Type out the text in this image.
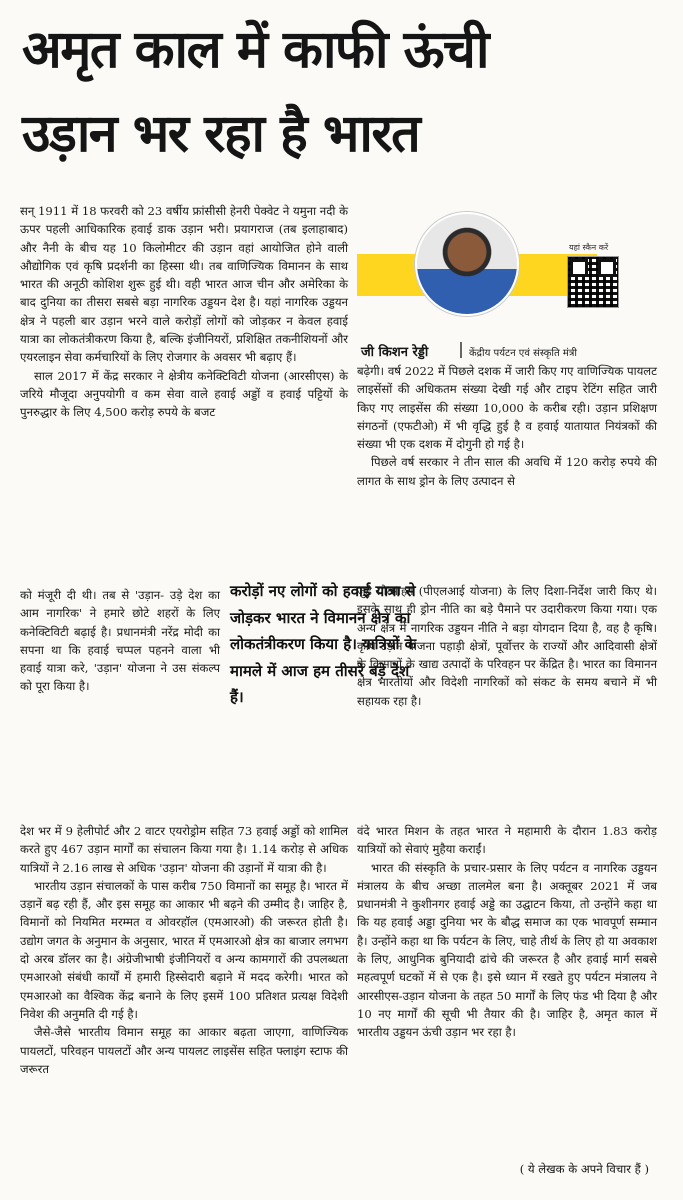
अमृत काल में काफी ऊंची
उड़ान भर रहा है भारत

सन् 1911 में 18 फरवरी को 23 वर्षीय फ्रांसीसी हेनरी पेक्वेट ने यमुना नदी के ऊपर पहली आधिकारिक हवाई डाक उड़ान भरी। प्रयागराज (तब इलाहाबाद) और नैनी के बीच यह 10 किलोमीटर की उड़ान वहां आयोजित होने वाली औद्योगिक एवं कृषि प्रदर्शनी का हिस्सा थी। तब वाणिज्यिक विमानन के साथ भारत की अनूठी कोशिश शुरू हुई थी। वही भारत आज चीन और अमेरिका के बाद दुनिया का तीसरा सबसे बड़ा नागरिक उड्डयन देश है। यहां नागरिक उड्डयन क्षेत्र ने पहली बार उड़ान भरने वाले करोड़ों लोगों को जोड़कर न केवल हवाई यात्रा का लोकतंत्रीकरण किया है, बल्कि इंजीनियरों, प्रशिक्षित तकनीशियनों और एयरलाइन सेवा कर्मचारियों के लिए रोजगार के अवसर भी बढ़ाए हैं।

साल 2017 में केंद्र सरकार ने क्षेत्रीय कनेक्टिविटी योजना (आरसीएस) के जरिये मौजूदा अनुपयोगी व कम सेवा वाले हवाई अड्डों व हवाई पट्टियों के पुनरुद्धार के लिए 4,500 करोड़ रुपये के बजट

को मंजूरी दी थी। तब से 'उड़ान- उड़े देश का आम नागरिक' ने हमारे छोटे शहरों के लिए कनेक्टिविटी बढ़ाई है। प्रधानमंत्री नरेंद्र मोदी का सपना था कि हवाई चप्पल पहनने वाला भी हवाई यात्रा करे, 'उड़ान' योजना ने उस संकल्प को पूरा किया है।

करोड़ों नए लोगों को हवाई यात्रा से जोड़कर भारत ने विमानन क्षेत्र का लोकतंत्रीकरण किया है। यात्रियों के मामले में आज हम तीसरे बड़े देश हैं।

देश भर में 9 हेलीपोर्ट और 2 वाटर एयरोड्रोम सहित 73 हवाई अड्डों को शामिल करते हुए 467 उड़ान मार्गों का संचालन किया गया है। 1.14 करोड़ से अधिक यात्रियों ने 2.16 लाख से अधिक 'उड़ान' योजना की उड़ानों में यात्रा की है।

भारतीय उड़ान संचालकों के पास करीब 750 विमानों का समूह है। भारत में उड़ानें बढ़ रही हैं, और इस समूह का आकार भी बढ़ने की उम्मीद है। जाहिर है, विमानों को नियमित मरम्मत व ओवरहॉल (एमआरओ) की जरूरत होती है। उद्योग जगत के अनुमान के अनुसार, भारत में एमआरओ क्षेत्र का बाजार लगभग दो अरब डॉलर का है। अंग्रेजीभाषी इंजीनियरों व अन्य कामगारों की उपलब्धता एमआरओ संबंधी कार्यों में हमारी हिस्सेदारी बढ़ाने में मदद करेगी। भारत को एमआरओ का वैश्विक केंद्र बनाने के लिए इसमें 100 प्रतिशत प्रत्यक्ष विदेशी निवेश की अनुमति दी गई है।

जैसे-जैसे भारतीय विमान समूह का आकार बढ़ता जाएगा, वाणिज्यिक पायलटों, परिवहन पायलटों और अन्य पायलट लाइसेंस सहित फ्लाइंग स्टाफ की जरूरत

यहां स्कैन करें
जी किशन रेड्डी	केंद्रीय पर्यटन एवं संस्कृति मंत्री

बढ़ेगी। वर्ष 2022 में पिछले दशक में जारी किए गए वाणिज्यिक पायलट लाइसेंसों की अधिकतम संख्या देखी गई और टाइप रेटिंग सहित जारी किए गए लाइसेंस की संख्या 10,000 के करीब रही। उड़ान प्रशिक्षण संगठनों (एफटीओ) में भी वृद्धि हुई है व हवाई यातायात नियंत्रकों की संख्या भी एक दशक में दोगुनी हो गई है।

पिछले वर्ष सरकार ने तीन साल की अवधि में 120 करोड़ रुपये की लागत के साथ ड्रोन के लिए उत्पादन से

जुड़े प्रोत्साहन (पीएलआई योजना) के लिए दिशा-निर्देश जारी किए थे। इसके साथ ही ड्रोन नीति का बड़े पैमाने पर उदारीकरण किया गया। एक अन्य क्षेत्र में नागरिक उड्डयन नीति ने बड़ा योगदान दिया है, वह है कृषि। कृषि उड़ान योजना पहाड़ी क्षेत्रों, पूर्वोत्तर के राज्यों और आदिवासी क्षेत्रों के किसानों के खाद्य उत्पादों के परिवहन पर केंद्रित है। भारत का विमानन क्षेत्र भारतीयों और विदेशी नागरिकों को संकट के समय बचाने में भी सहायक रहा है।

वंदे भारत मिशन के तहत भारत ने महामारी के दौरान 1.83 करोड़ यात्रियों को सेवाएं मुहैया कराईं।

भारत की संस्कृति के प्रचार-प्रसार के लिए पर्यटन व नागरिक उड्डयन मंत्रालय के बीच अच्छा तालमेल बना है। अक्तूबर 2021 में जब प्रधानमंत्री ने कुशीनगर हवाई अड्डे का उद्घाटन किया, तो उन्होंने कहा था कि यह हवाई अड्डा दुनिया भर के बौद्ध समाज का एक भावपूर्ण सम्मान है। उन्होंने कहा था कि पर्यटन के लिए, चाहे तीर्थ के लिए हो या अवकाश के लिए, आधुनिक बुनियादी ढांचे की जरूरत है और हवाई मार्ग सबसे महत्वपूर्ण घटकों में से एक है। इसे ध्यान में रखते हुए पर्यटन मंत्रालय ने आरसीएस-उड़ान योजना के तहत 50 मार्गों के लिए फंड भी दिया है और 10 नए मार्गों की सूची भी तैयार की है। जाहिर है, अमृत काल में भारतीय उड्डयन ऊंची उड़ान भर रहा है।

( ये लेखक के अपने विचार हैं )
